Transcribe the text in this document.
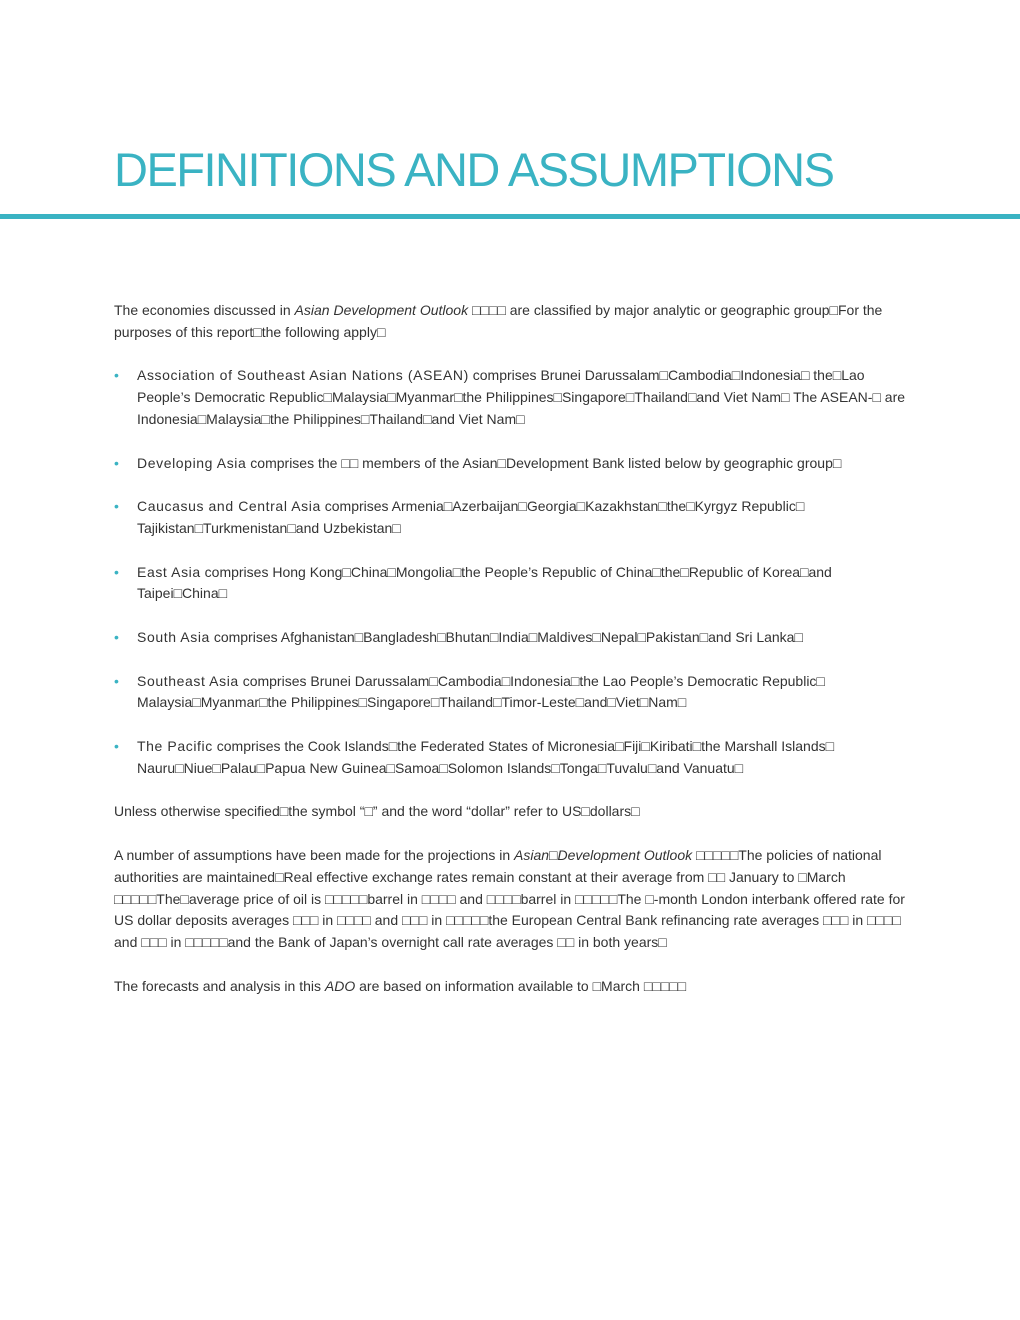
DEFINITIONS AND ASSUMPTIONS

The economies discussed in Asian Development Outlook □□□□ are classified by major analytic or geographic group□For the purposes of this report□the following apply□

• Association of Southeast Asian Nations (ASEAN) comprises Brunei Darussalam□Cambodia□Indonesia□ the□Lao People’s Democratic Republic□Malaysia□Myanmar□the Philippines□Singapore□Thailand□and Viet Nam□ The ASEAN-□ are Indonesia□Malaysia□the Philippines□Thailand□and Viet Nam□
• Developing Asia comprises the □□ members of the Asian□Development Bank listed below by geographic group□
• Caucasus and Central Asia comprises Armenia□Azerbaijan□Georgia□Kazakhstan□the□Kyrgyz Republic□ Tajikistan□Turkmenistan□and Uzbekistan□
• East Asia comprises Hong Kong□China□Mongolia□the People’s Republic of China□the□Republic of Korea□and Taipei□China□
• South Asia comprises Afghanistan□Bangladesh□Bhutan□India□Maldives□Nepal□Pakistan□and Sri Lanka□
• Southeast Asia comprises Brunei Darussalam□Cambodia□Indonesia□the Lao People’s Democratic Republic□ Malaysia□Myanmar□the Philippines□Singapore□Thailand□Timor-Leste□and□Viet□Nam□
• The Pacific comprises the Cook Islands□the Federated States of Micronesia□Fiji□Kiribati□the Marshall Islands□ Nauru□Niue□Palau□Papua New Guinea□Samoa□Solomon Islands□Tonga□Tuvalu□and Vanuatu□

Unless otherwise specified□the symbol “□” and the word “dollar” refer to US□dollars□

A number of assumptions have been made for the projections in Asian□Development Outlook □□□□□The policies of national authorities are maintained□Real effective exchange rates remain constant at their average from □□ January to □March □□□□□The□average price of oil is □□□□□barrel in □□□□ and □□□□barrel in □□□□□The □-month London interbank offered rate for US dollar deposits averages □□□ in □□□□ and □□□ in □□□□□the European Central Bank refinancing rate averages □□□ in □□□□ and □□□ in □□□□□and the Bank of Japan’s overnight call rate averages □□ in both years□

The forecasts and analysis in this ADO are based on information available to □March □□□□□
